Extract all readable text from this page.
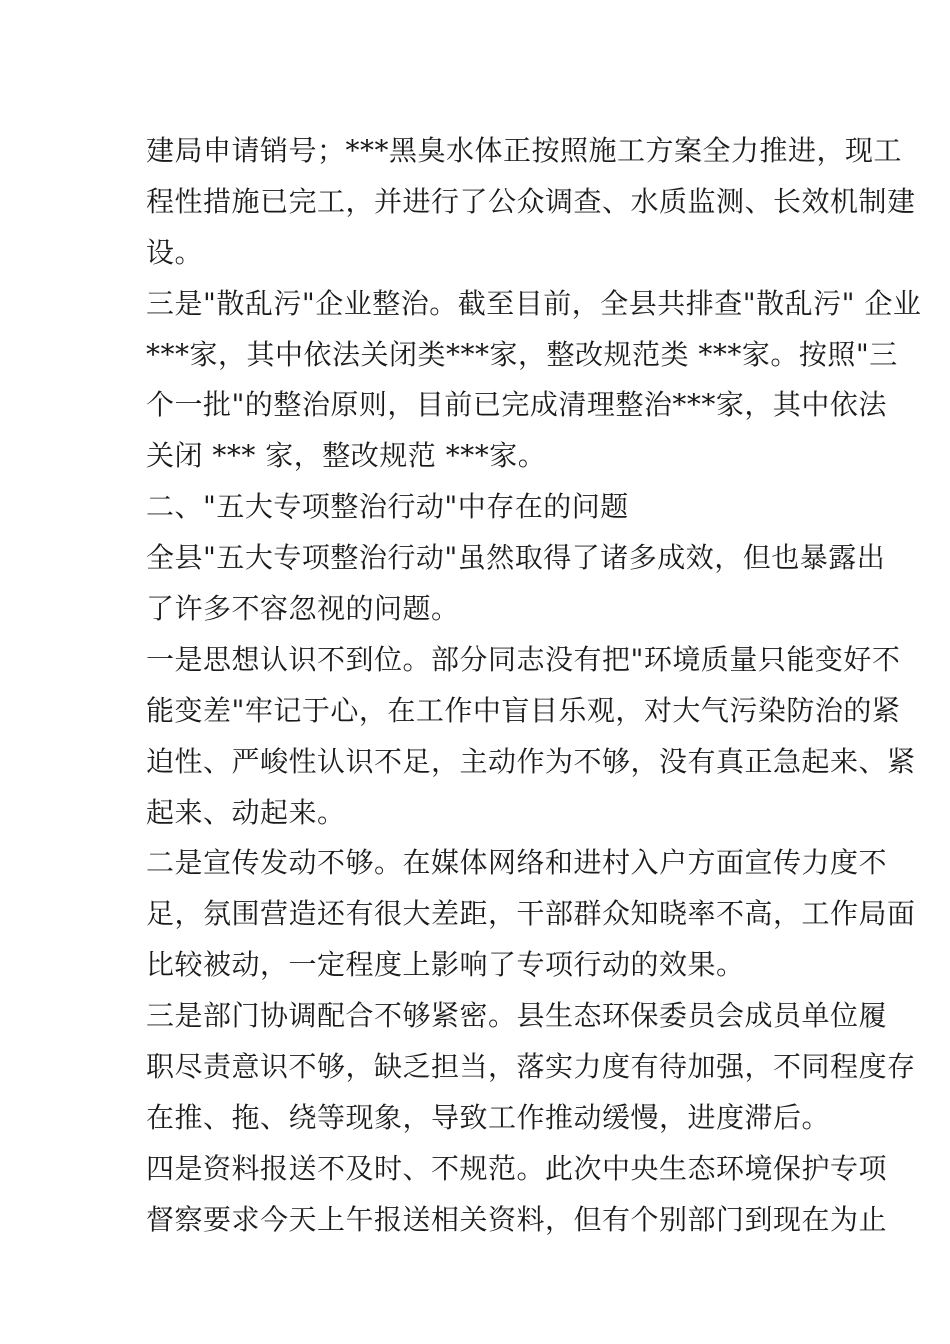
建局申请销号；***黑臭水体正按照施工方案全力推进，现工
程性措施已完工，并进行了公众调查、水质监测、长效机制建
设。
三是"散乱污"企业整治。截至目前，全县共排查"散乱污" 企业
***家，其中依法关闭类***家，整改规范类 ***家。按照"三
个一批"的整治原则，目前已完成清理整治***家，其中依法
关闭 *** 家，整改规范 ***家。
二、"五大专项整治行动"中存在的问题
全县"五大专项整治行动"虽然取得了诸多成效，但也暴露出
了许多不容忽视的问题。
一是思想认识不到位。部分同志没有把"环境质量只能变好不
能变差"牢记于心，在工作中盲目乐观，对大气污染防治的紧
迫性、严峻性认识不足，主动作为不够，没有真正急起来、紧
起来、动起来。
二是宣传发动不够。在媒体网络和进村入户方面宣传力度不
足，氛围营造还有很大差距，干部群众知晓率不高，工作局面
比较被动，一定程度上影响了专项行动的效果。
三是部门协调配合不够紧密。县生态环保委员会成员单位履
职尽责意识不够，缺乏担当，落实力度有待加强，不同程度存
在推、拖、绕等现象，导致工作推动缓慢，进度滞后。
四是资料报送不及时、不规范。此次中央生态环境保护专项
督察要求今天上午报送相关资料，但有个别部门到现在为止
